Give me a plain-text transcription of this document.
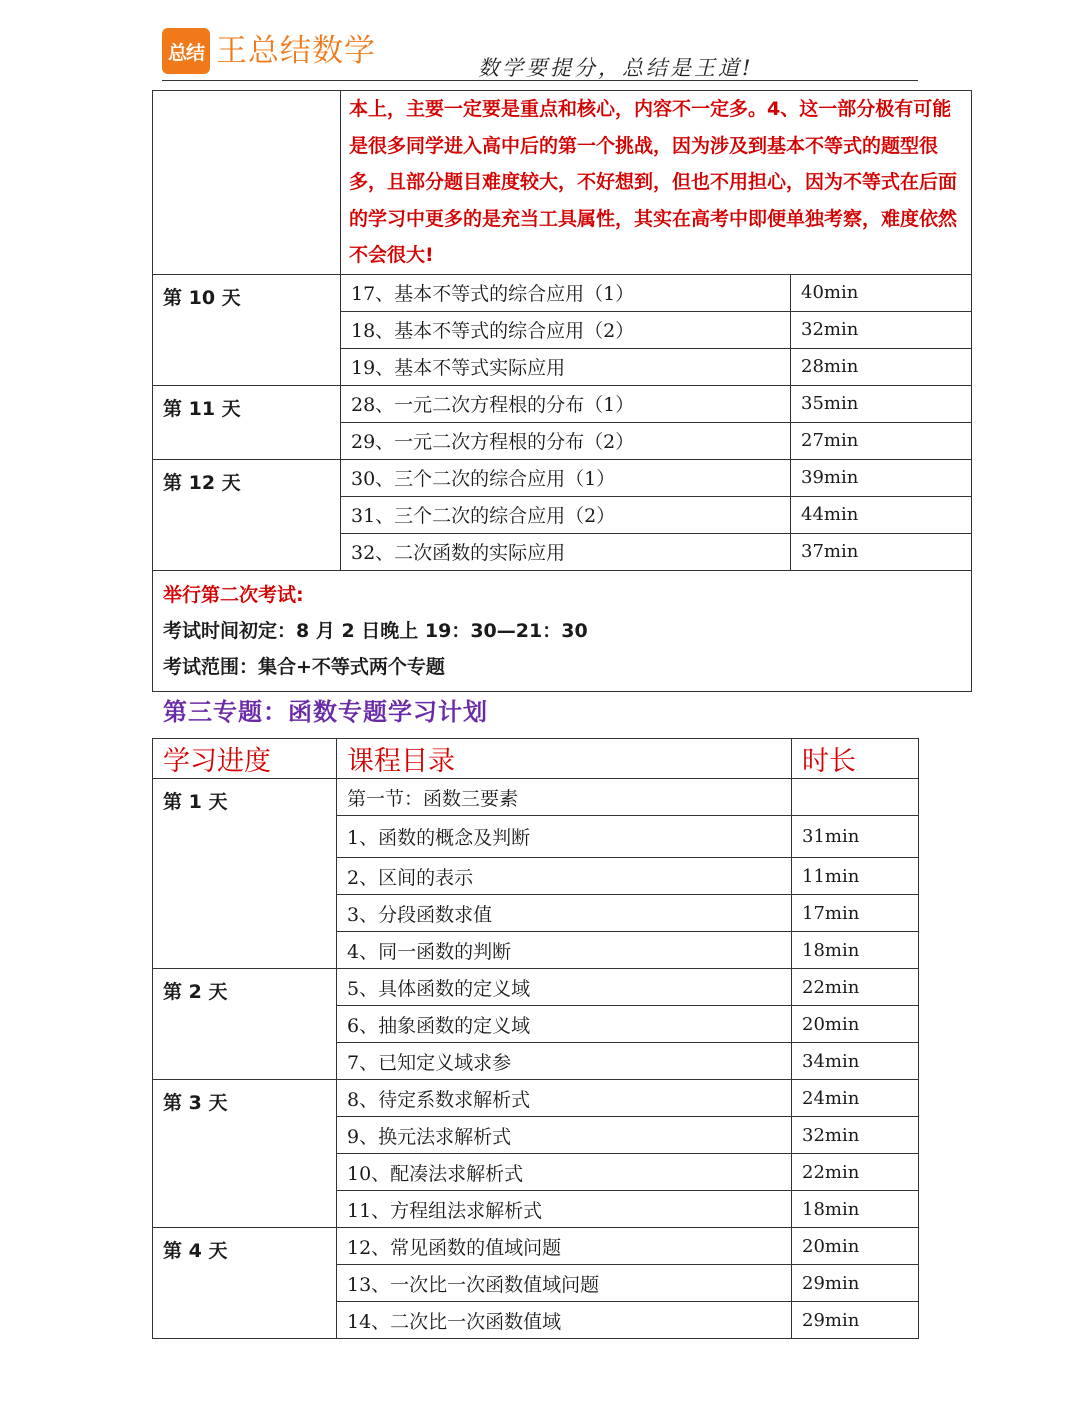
总结 王总结数学	数学要提分，总结是王道!
	本上，主要一定要是重点和核心，内容不一定多。4、这一部分极有可能是很多同学进入高中后的第一个挑战，因为涉及到基本不等式的题型很多，且部分题目难度较大，不好想到，但也不用担心，因为不等式在后面的学习中更多的是充当工具属性，其实在高考中即便单独考察，难度依然不会很大!	
第 10 天	17、基本不等式的综合应用（1）	40min
	18、基本不等式的综合应用（2）	32min
	19、基本不等式实际应用	28min
第 11 天	28、一元二次方程根的分布（1）	35min
	29、一元二次方程根的分布（2）	27min
第 12 天	30、三个二次的综合应用（1）	39min
	31、三个二次的综合应用（2）	44min
	32、二次函数的实际应用	37min

举行第二次考试:
考试时间初定：8 月 2 日晚上 19：30—21：30
考试范围：集合+不等式两个专题		
第三专题：函数专题学习计划
学习进度	课程目录	时长
第 1 天	第一节：函数三要素	
	1、函数的概念及判断	31min
	2、区间的表示	11min
	3、分段函数求值	17min
	4、同一函数的判断	18min
第 2 天	5、具体函数的定义域	22min
	6、抽象函数的定义域	20min
	7、已知定义域求参	34min
第 3 天	8、待定系数求解析式	24min
	9、换元法求解析式	32min
	10、配凑法求解析式	22min
	11、方程组法求解析式	18min
第 4 天	12、常见函数的值域问题	20min
	13、一次比一次函数值域问题	29min
	14、二次比一次函数值域	29min
